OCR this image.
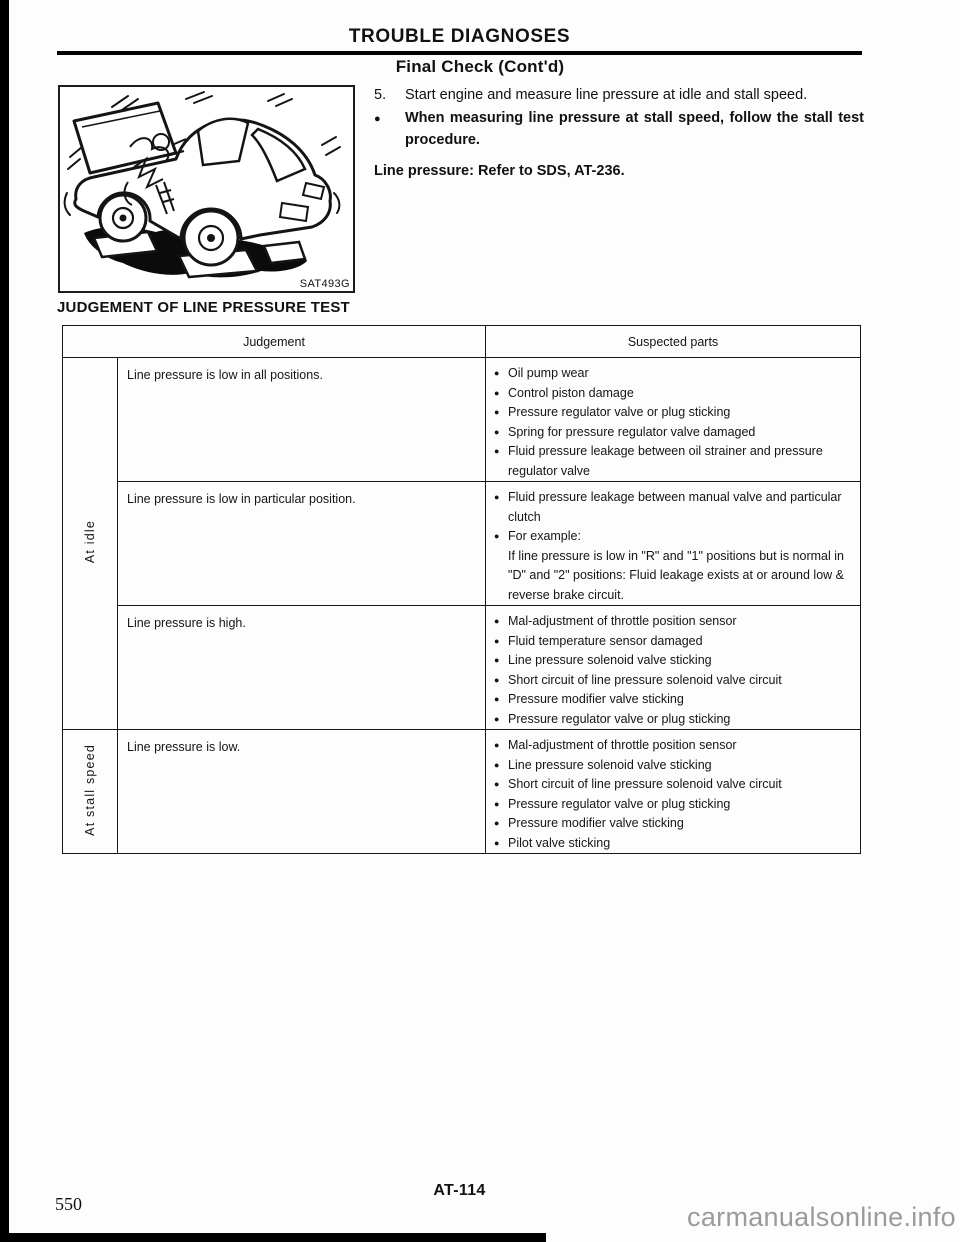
TROUBLE DIAGNOSES
Final Check (Cont'd)
SAT493G
5.	Start engine and measure line pressure at idle and stall speed.
●
When measuring line pressure at stall speed, follow the stall test procedure.
Line pressure: Refer to SDS, AT-236.
JUDGEMENT OF LINE PRESSURE TEST
Judgement		Suspected parts
At idle	Line pressure is low in all positions.	
●Oil pump wear
● Control piston damage
● Pressure regulator valve or plug sticking
● Spring for pressure regulator valve damaged
● Fluid pressure leakage between oil strainer and pressure regulator valve

Line pressure is low in particular position.	
●Fluid pressure leakage between manual valve and particular clutch
● For example:
If line pressure is low in "R" and "1" positions but is normal in "D" and "2" positions: Fluid leakage exists at or around low & reverse brake circuit.

Line pressure is high.	
●Mal-adjustment of throttle position sensor
● Fluid temperature sensor damaged
● Line pressure solenoid valve sticking
● Short circuit of line pressure solenoid valve circuit
● Pressure modifier valve sticking
● Pressure regulator valve or plug sticking

At stall speed	Line pressure is low.	
●Mal-adjustment of throttle position sensor
● Line pressure solenoid valve sticking
● Short circuit of line pressure solenoid valve circuit
● Pressure regulator valve or plug sticking
● Pressure modifier valve sticking
● Pilot valve sticking
AT-114
550	carmanualsonline.info
